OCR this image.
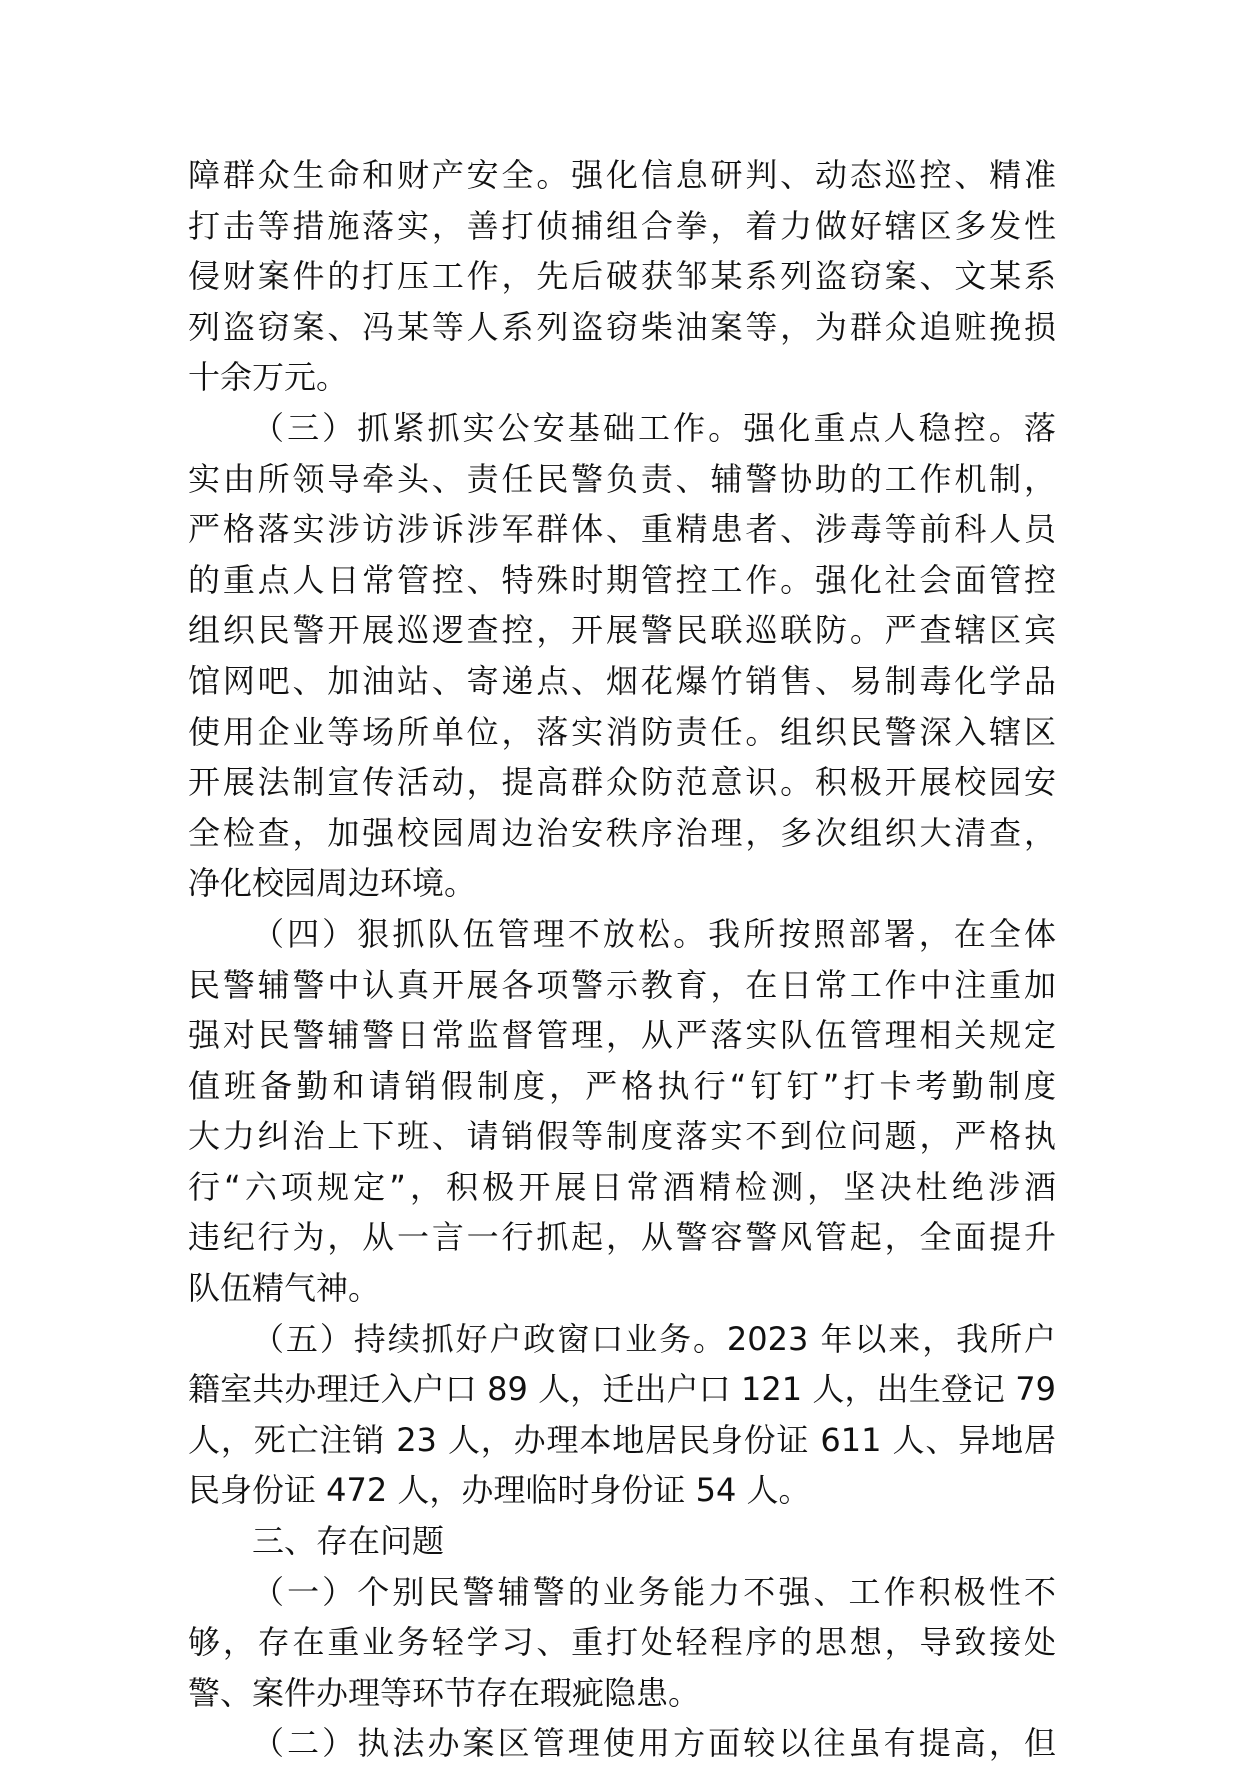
障群众生命和财产安全。强化信息研判、动态巡控、精准
打击等措施落实，善打侦捕组合拳，着力做好辖区多发性
侵财案件的打压工作，先后破获邹某系列盗窃案、文某系
列盗窃案、冯某等人系列盗窃柴油案等，为群众追赃挽损
十余万元。
（三）抓紧抓实公安基础工作。强化重点人稳控。落
实由所领导牵头、责任民警负责、辅警协助的工作机制，
严格落实涉访涉诉涉军群体、重精患者、涉毒等前科人员
的重点人日常管控、特殊时期管控工作。强化社会面管控
组织民警开展巡逻查控，开展警民联巡联防。严查辖区宾
馆网吧、加油站、寄递点、烟花爆竹销售、易制毒化学品
使用企业等场所单位，落实消防责任。组织民警深入辖区
开展法制宣传活动，提高群众防范意识。积极开展校园安
全检查，加强校园周边治安秩序治理，多次组织大清查，
净化校园周边环境。
（四）狠抓队伍管理不放松。我所按照部署，在全体
民警辅警中认真开展各项警示教育，在日常工作中注重加
强对民警辅警日常监督管理，从严落实队伍管理相关规定
值班备勤和请销假制度，严格执行“钉钉”打卡考勤制度
大力纠治上下班、请销假等制度落实不到位问题，严格执
行“六项规定”，积极开展日常酒精检测，坚决杜绝涉酒
违纪行为，从一言一行抓起，从警容警风管起，全面提升
队伍精气神。
（五）持续抓好户政窗口业务。2023 年以来，我所户
籍室共办理迁入户口 89 人，迁出户口 121 人，出生登记 79
人，死亡注销 23 人，办理本地居民身份证 611 人、异地居
民身份证 472 人，办理临时身份证 54 人。
三、存在问题
（一）个别民警辅警的业务能力不强、工作积极性不
够，存在重业务轻学习、重打处轻程序的思想，导致接处
警、案件办理等环节存在瑕疵隐患。
（二）执法办案区管理使用方面较以往虽有提高，但
